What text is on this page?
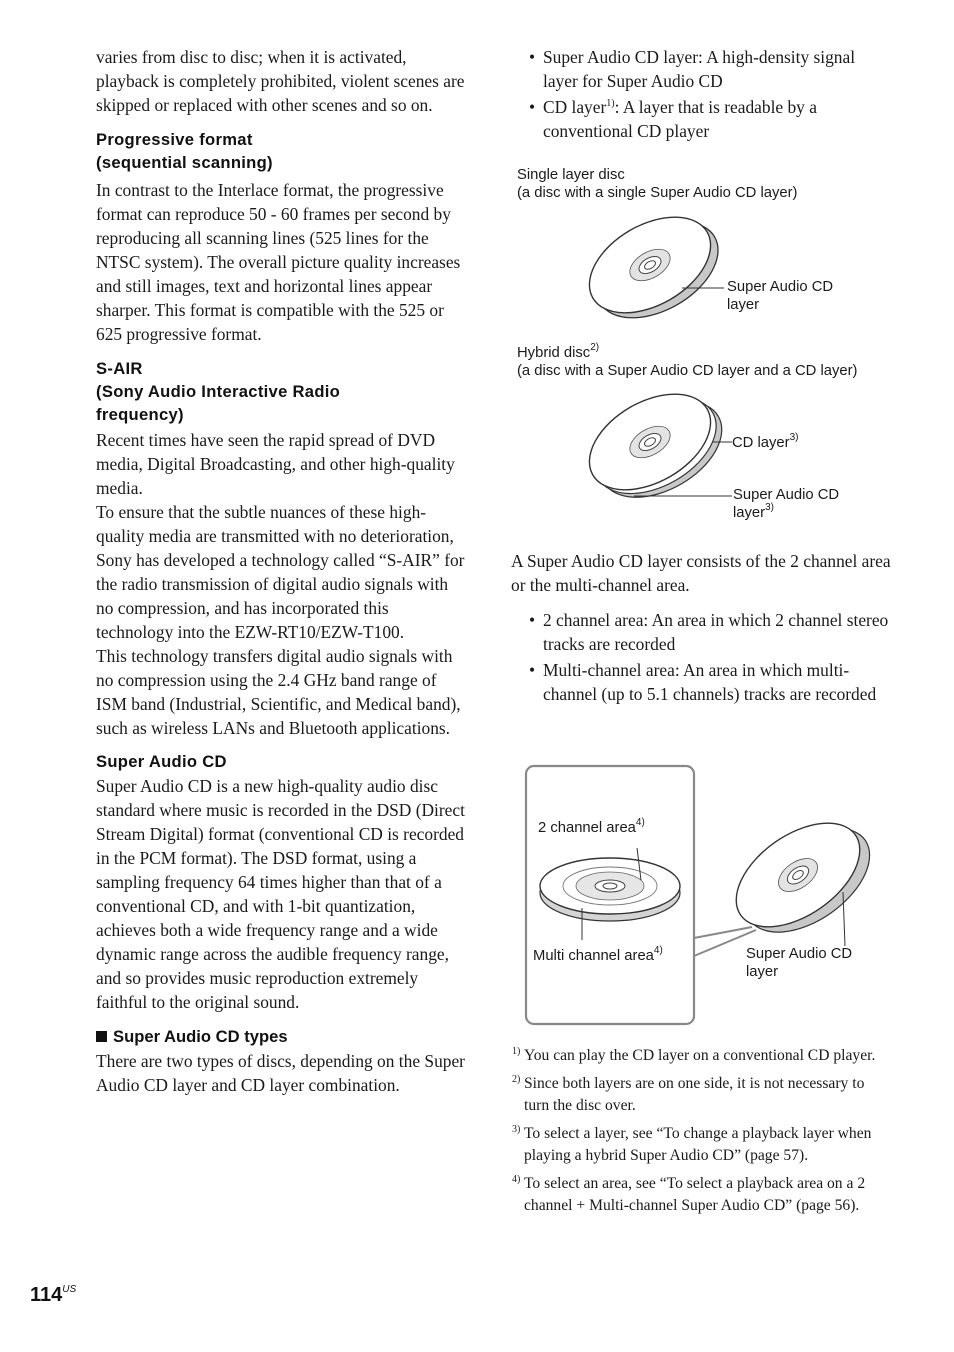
varies from disc to disc; when it is activated, playback is completely prohibited, violent scenes are skipped or replaced with other scenes and so on.

Progressive format
(sequential scanning)

In contrast to the Interlace format, the progressive format can reproduce 50 - 60 frames per second by reproducing all scanning lines (525 lines for the NTSC system). The overall picture quality increases and still images, text and horizontal lines appear sharper. This format is compatible with the 525 or 625 progressive format.

S-AIR
(Sony Audio Interactive Radio
frequency)

Recent times have seen the rapid spread of DVD media, Digital Broadcasting, and other high-quality media.

To ensure that the subtle nuances of these high-quality media are transmitted with no deterioration, Sony has developed a technology called “S-AIR” for the radio transmission of digital audio signals with no compression, and has incorporated this technology into the EZW-RT10/EZW-T100.

This technology transfers digital audio signals with no compression using the 2.4 GHz band range of ISM band (Industrial, Scientific, and Medical band), such as wireless LANs and Bluetooth applications.

Super Audio CD

Super Audio CD is a new high-quality audio disc standard where music is recorded in the DSD (Direct Stream Digital) format (conventional CD is recorded in the PCM format). The DSD format, using a sampling frequency 64 times higher than that of a conventional CD, and with 1-bit quantization, achieves both a wide frequency range and a wide dynamic range across the audible frequency range, and so provides music reproduction extremely faithful to the original sound.

Super Audio CD types

There are two types of discs, depending on the Super Audio CD layer and CD layer combination.

• Super Audio CD layer: A high-density signal layer for Super Audio CD
• CD layer$^{1)}$: A layer that is readable by a conventional CD player
Single layer disc
(a disc with a single Super Audio CD layer)
Super Audio CD
layer
Hybrid disc$^{2)}$
(a disc with a Super Audio CD layer and a CD layer)
CD layer$^{3)}$
Super Audio CD
layer$^{3)}$

A Super Audio CD layer consists of the 2 channel area or the multi-channel area.

• 2 channel area: An area in which 2 channel stereo tracks are recorded
• Multi-channel area: An area in which multi-channel (up to 5.1 channels) tracks are recorded
2 channel area$^{4)}$
Multi channel area$^{4)}$	Super Audio CD
layer
1) You can play the CD layer on a conventional CD player.
2) Since both layers are on one side, it is not necessary to turn the disc over.
3) To select a layer, see “To change a playback layer when playing a hybrid Super Audio CD” (page 57).
4) To select an area, see “To select a playback area on a 2 channel + Multi-channel Super Audio CD” (page 56).
$114^{US}$
